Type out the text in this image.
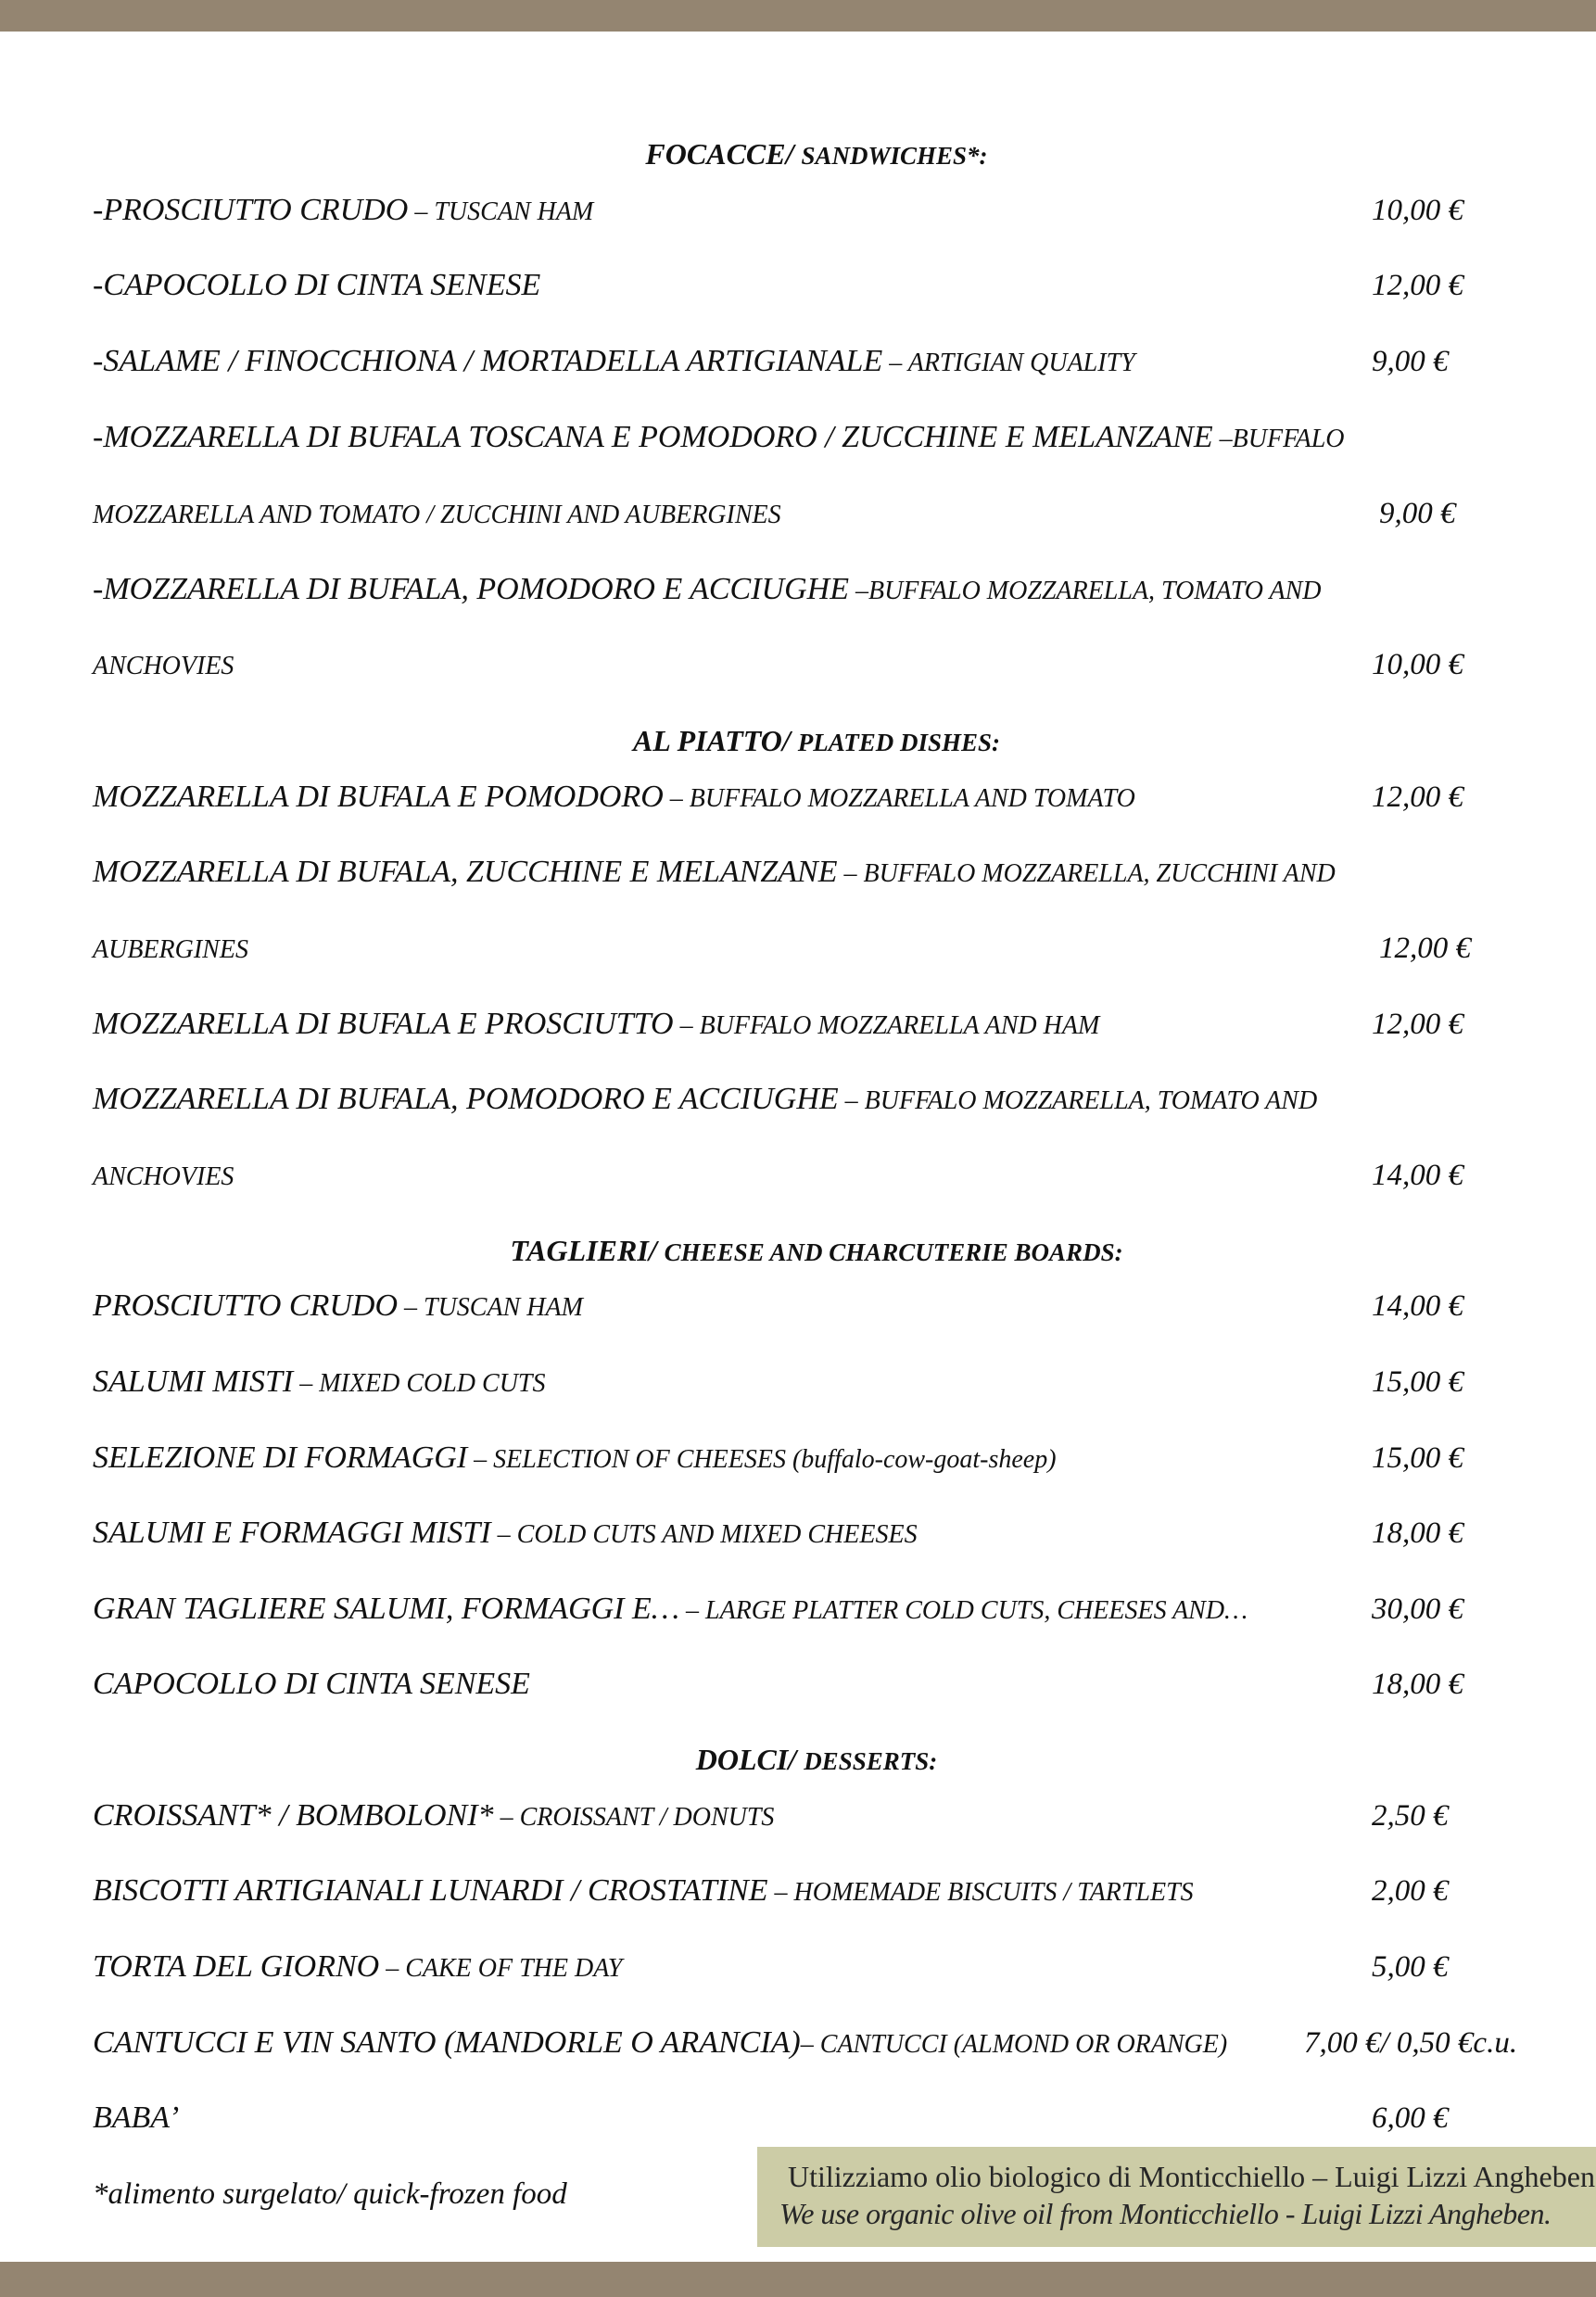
FOCACCE/ SANDWICHES*:
-PROSCIUTTO CRUDO – TUSCAN HAM	10,00 €
-CAPOCOLLO DI CINTA SENESE	12,00 €
-SALAME / FINOCCHIONA / MORTADELLA ARTIGIANALE – ARTIGIAN QUALITY	9,00 €
-MOZZARELLA DI BUFALA TOSCANA E POMODORO / ZUCCHINE E MELANZANE –BUFFALO
MOZZARELLA AND TOMATO / ZUCCHINI AND AUBERGINES	9,00 €
-MOZZARELLA DI BUFALA, POMODORO E ACCIUGHE –BUFFALO MOZZARELLA, TOMATO AND
ANCHOVIES	10,00 €
AL PIATTO/ PLATED DISHES:
MOZZARELLA DI BUFALA E POMODORO – BUFFALO MOZZARELLA AND TOMATO	12,00 €
MOZZARELLA DI BUFALA, ZUCCHINE E MELANZANE – BUFFALO MOZZARELLA, ZUCCHINI AND
AUBERGINES	12,00 €
MOZZARELLA DI BUFALA E PROSCIUTTO – BUFFALO MOZZARELLA AND HAM	12,00 €
MOZZARELLA DI BUFALA, POMODORO E ACCIUGHE – BUFFALO MOZZARELLA, TOMATO AND
ANCHOVIES	14,00 €
TAGLIERI/ CHEESE AND CHARCUTERIE BOARDS:
PROSCIUTTO CRUDO – TUSCAN HAM	14,00 €
SALUMI MISTI – MIXED COLD CUTS	15,00 €
SELEZIONE DI FORMAGGI – SELECTION OF CHEESES (buffalo-cow-goat-sheep)	15,00 €
SALUMI E FORMAGGI MISTI – COLD CUTS AND MIXED CHEESES	18,00 €
GRAN TAGLIERE SALUMI, FORMAGGI E… – LARGE PLATTER COLD CUTS, CHEESES AND…	30,00 €
CAPOCOLLO DI CINTA SENESE	18,00 €
DOLCI/ DESSERTS:
CROISSANT* / BOMBOLONI* – CROISSANT / DONUTS	2,50 €
BISCOTTI ARTIGIANALI LUNARDI / CROSTATINE – HOMEMADE BISCUITS / TARTLETS	2,00 €
TORTA DEL GIORNO – CAKE OF THE DAY	5,00 €
CANTUCCI E VIN SANTO (MANDORLE O ARANCIA)– CANTUCCI (ALMOND OR ORANGE)	7,00 €/ 0,50 €c.u.
BABA’	6,00 €
*alimento surgelato/ quick-frozen food
Utilizziamo olio biologico di Monticchiello – Luigi Lizzi Angheben
We use organic olive oil from Monticchiello - Luigi Lizzi Angheben.
